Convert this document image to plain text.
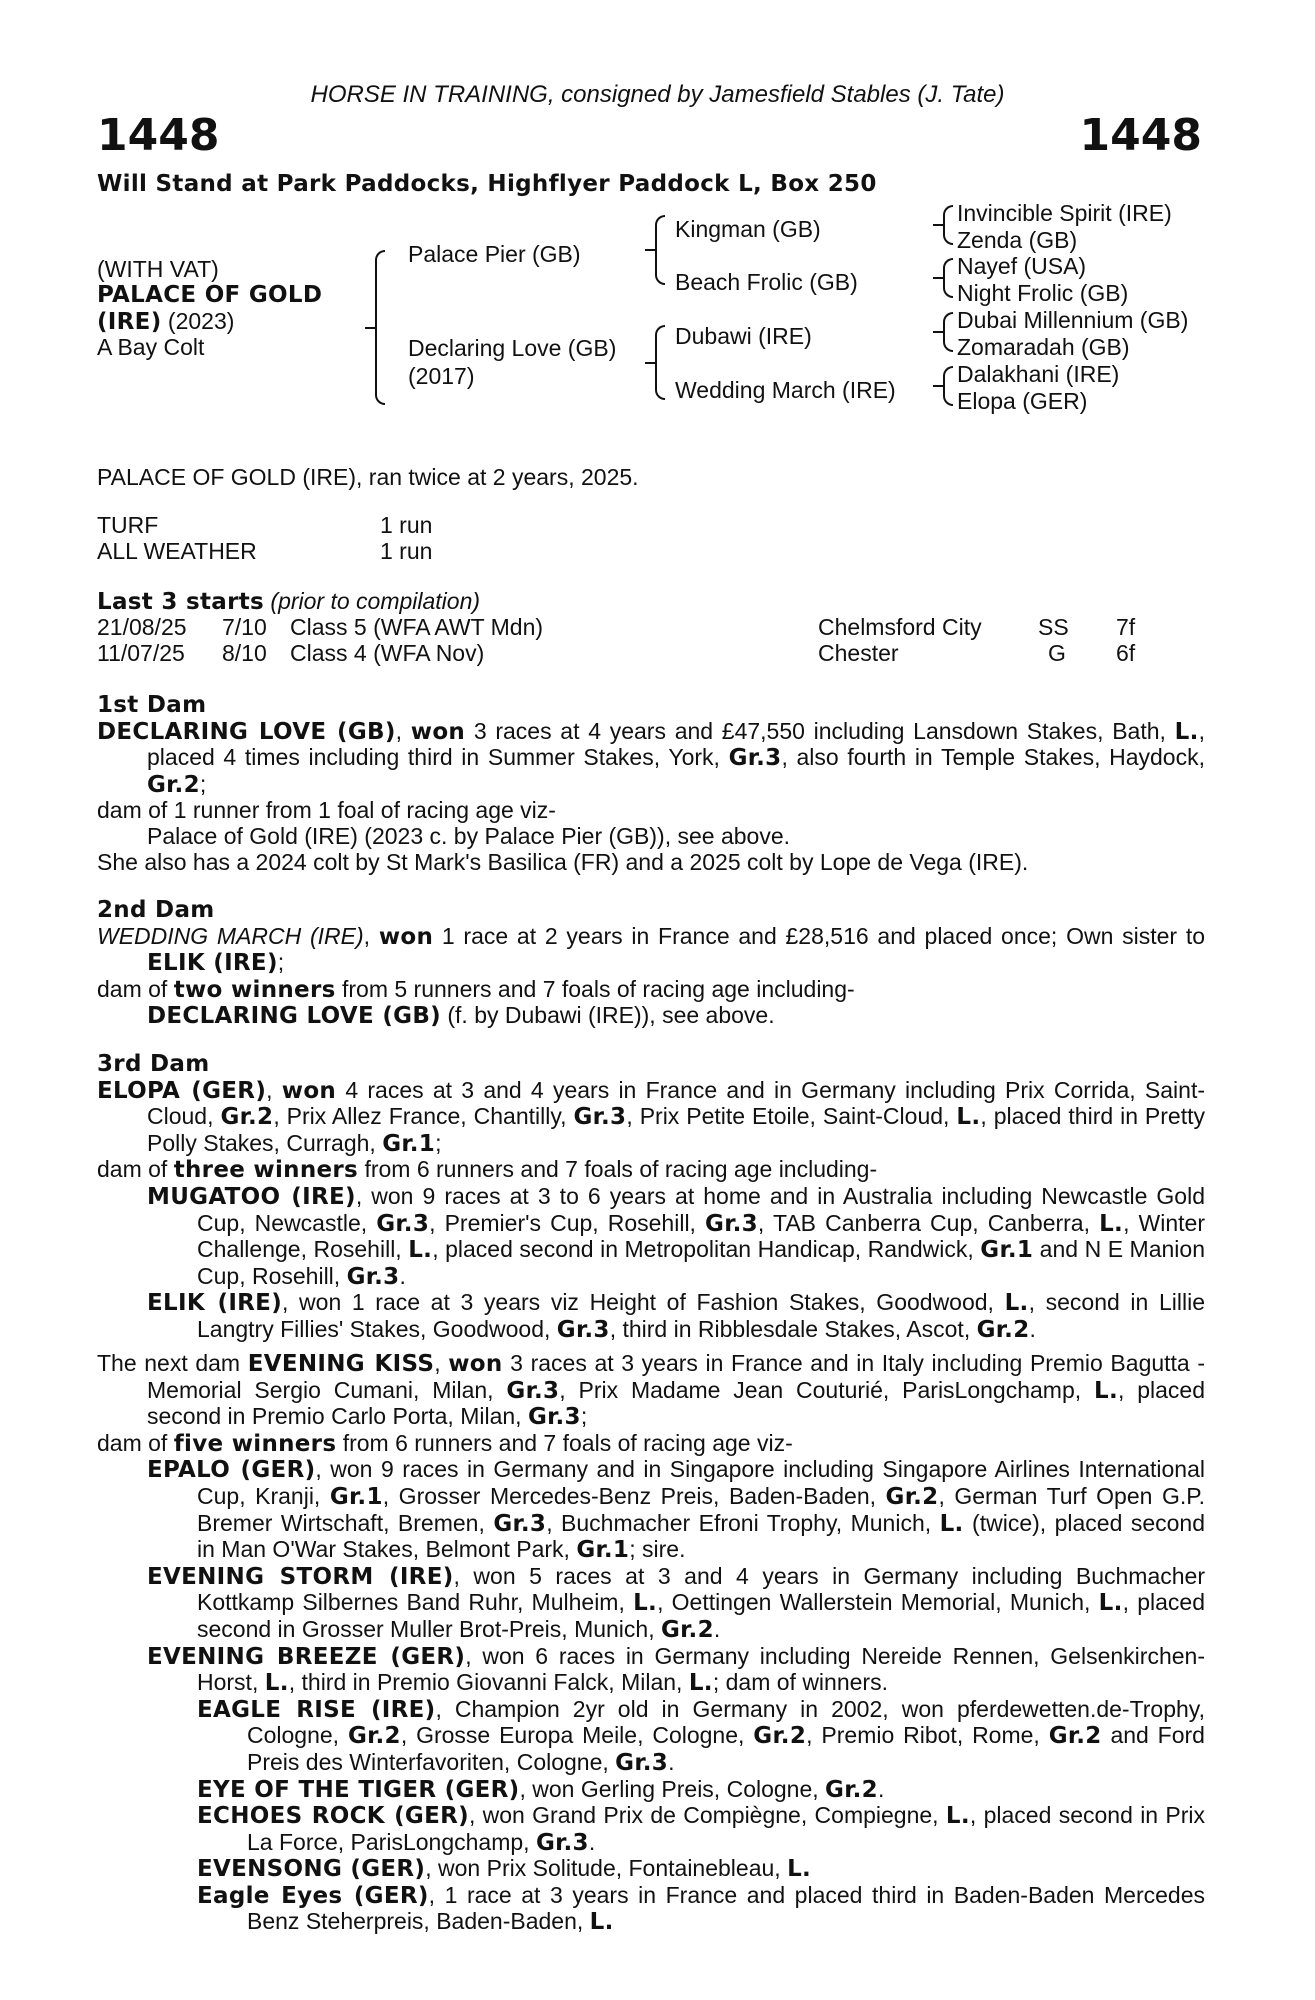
HORSE IN TRAINING, consigned by Jamesfield Stables (J. Tate)
1448	1448
Will Stand at Park Paddocks, Highflyer Paddock L, Box 250
(WITH VAT)
PALACE OF GOLD
(IRE) (2023)
A Bay Colt
Palace Pier (GB)
Declaring Love (GB)
(2017)
Kingman (GB)
Beach Frolic (GB)
Dubawi (IRE)
Wedding March (IRE)
Invincible Spirit (IRE)
Zenda (GB)
Nayef (USA)
Night Frolic (GB)
Dubai Millennium (GB)
Zomaradah (GB)
Dalakhani (IRE)
Elopa (GER)
PALACE OF GOLD (IRE), ran twice at 2 years, 2025.
TURF	1 run
ALL WEATHER	1 run
Last 3 starts (prior to compilation)
21/08/25 7/10 Class 5 (WFA AWT Mdn)	Chelmsford City SS 7f
11/07/25 8/10 Class 4 (WFA Nov)	Chester	G 6f

1st Dam

DECLARING LOVE (GB), won 3 races at 4 years and £47,550 including Lansdown Stakes, Bath, L., placed 4 times including third in Summer Stakes, York, Gr.3, also fourth in Temple Stakes, Haydock, Gr.2;

dam of 1 runner from 1 foal of racing age viz-

Palace of Gold (IRE) (2023 c. by Palace Pier (GB)), see above.

She also has a 2024 colt by St Mark's Basilica (FR) and a 2025 colt by Lope de Vega (IRE).

2nd Dam

WEDDING MARCH (IRE), won 1 race at 2 years in France and £28,516 and placed once; Own sister to ELIK (IRE);

dam of two winners from 5 runners and 7 foals of racing age including-

DECLARING LOVE (GB) (f. by Dubawi (IRE)), see above.

3rd Dam

ELOPA (GER), won 4 races at 3 and 4 years in France and in Germany including Prix Corrida, Saint-Cloud, Gr.2, Prix Allez France, Chantilly, Gr.3, Prix Petite Etoile, Saint-Cloud, L., placed third in Pretty Polly Stakes, Curragh, Gr.1;

dam of three winners from 6 runners and 7 foals of racing age including-

MUGATOO (IRE), won 9 races at 3 to 6 years at home and in Australia including Newcastle Gold Cup, Newcastle, Gr.3, Premier's Cup, Rosehill, Gr.3, TAB Canberra Cup, Canberra, L., Winter Challenge, Rosehill, L., placed second in Metropolitan Handicap, Randwick, Gr.1 and N E Manion Cup, Rosehill, Gr.3.

ELIK (IRE), won 1 race at 3 years viz Height of Fashion Stakes, Goodwood, L., second in Lillie Langtry Fillies' Stakes, Goodwood, Gr.3, third in Ribblesdale Stakes, Ascot, Gr.2.

The next dam EVENING KISS, won 3 races at 3 years in France and in Italy including Premio Bagutta - Memorial Sergio Cumani, Milan, Gr.3, Prix Madame Jean Couturié, ParisLongchamp, L., placed second in Premio Carlo Porta, Milan, Gr.3;

dam of five winners from 6 runners and 7 foals of racing age viz-

EPALO (GER), won 9 races in Germany and in Singapore including Singapore Airlines International Cup, Kranji, Gr.1, Grosser Mercedes-Benz Preis, Baden-Baden, Gr.2, German Turf Open G.P. Bremer Wirtschaft, Bremen, Gr.3, Buchmacher Efroni Trophy, Munich, L. (twice), placed second in Man O'War Stakes, Belmont Park, Gr.1; sire.

EVENING STORM (IRE), won 5 races at 3 and 4 years in Germany including Buchmacher Kottkamp Silbernes Band Ruhr, Mulheim, L., Oettingen Wallerstein Memorial, Munich, L., placed second in Grosser Muller Brot-Preis, Munich, Gr.2.

EVENING BREEZE (GER), won 6 races in Germany including Nereide Rennen, Gelsenkirchen-Horst, L., third in Premio Giovanni Falck, Milan, L.; dam of winners.

EAGLE RISE (IRE), Champion 2yr old in Germany in 2002, won pferdewetten.de-Trophy, Cologne, Gr.2, Grosse Europa Meile, Cologne, Gr.2, Premio Ribot, Rome, Gr.2 and Ford Preis des Winterfavoriten, Cologne, Gr.3.

EYE OF THE TIGER (GER), won Gerling Preis, Cologne, Gr.2.

ECHOES ROCK (GER), won Grand Prix de Compiègne, Compiegne, L., placed second in Prix La Force, ParisLongchamp, Gr.3.

EVENSONG (GER), won Prix Solitude, Fontainebleau, L.

Eagle Eyes (GER), 1 race at 3 years in France and placed third in Baden-Baden Mercedes Benz Steherpreis, Baden-Baden, L.
